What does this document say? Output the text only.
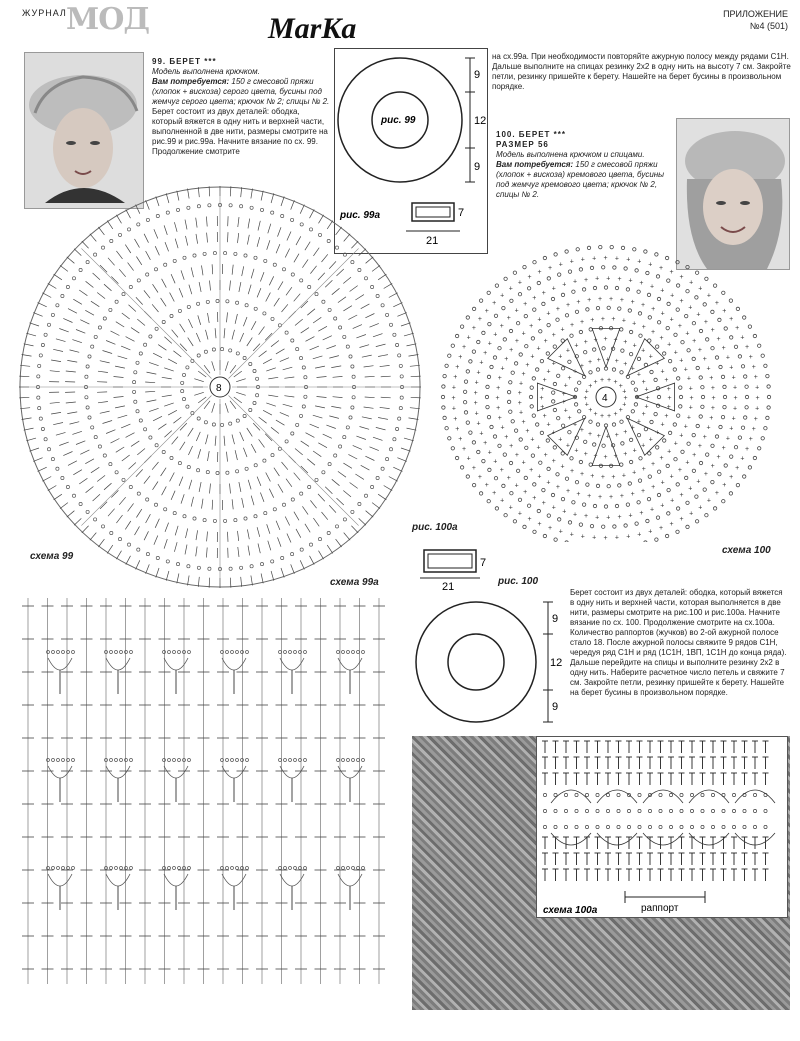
ЖУРНАЛ МОД	MarKa	ПРИЛОЖЕНИЕ
№4 (501)
99. БЕРЕТ ***
Модель выполнена крючком.
Вам потребуется: 150 г смесовой пряжи (хлопок + вискоза) серого цвета, бусины под жемчуг серого цвета; крючок № 2; спицы № 2.
Берет состоит из двух деталей: ободка, который вяжется в одну нить и верхней части, выполненной в две нити, размеры смотрите на рис.99 и рис.99а. Начните вязание по сх. 99. Продолжение смотрите
рис. 99
9
12
9
рис. 99а
21
7
на сх.99а. При необходимости повторяйте ажурную полосу между рядами С1Н. Дальше выполните на спицах резинку 2х2 в одну нить на высоту 7 см. Закройте петли, резинку пришейте к берету. Нашейте на берет бусины в произвольном порядке.
100. БЕРЕТ ***
РАЗМЕР 56
Модель выполнена крючком и спицами.
Вам потребуется: 150 г смесовой пряжи (хлопок + вискоза) кремового цвета, бусины под жемчуг кремового цвета; крючок № 2, спицы № 2.
8
схема 99
схема 99а
+
+
+
+
+
+
+
+
+
+
+
+
+ + + +
+
+
+
+
+
+
+
+
+
+
+
+
+
+
+
+
+
+
+
+
+
+
+ + + + +
+
+
+
+
+
+
+
+
+
+
+
+
+
+
+
+
+
+
+
+
+
+
+
+
+
+
+
+
+
+
+
+ + + + + + +
+
+
+
+
+
+
+
+
+
+
+
+
+
+
+
+
+
+
+
+
+
+
+
+
+
+
+
+
+
+
+
+
+
+
+
+
+
+
+
+
+
+ + + + + + +
+
+
+
+
+
+
+
+
+
+
+
+
+
+
+
+
+
+
+
+
+
+
+
+
+
+
+
+
+
+
+
+
+
+
+
+
+
+
+
+
+
+
+
+
+
+
+
+
+
+
+
+
+ + + + + + + +
+
+
+
+
+
+
+
+
+
+
+
+
+
+
+
+
+
+
+
+
+
+
+
+
+
+
+
+
+
+
+
+
+
+
+
+
+
+
+
+
+
+
+
+
+
+
+
+
+
+
+
+
+
+
+
+
+
+
+
+
+
+
+ + + + + + + + +
+
+
+
+
+
+
+
+
+
+
+
+
+
+
+
+
+
+
+
+
+
+
+
+
+
+
+
+
+
+
+
+
+
+
+
+
+
+
+
+
+
+
+
+
+
+
+
+
+
+
+
+
+
+
+
+
+
+
+
+
+
+
+
+
+
+
+
+
+
+
+
+ + + + + + + + + + +
+
+
+
+
+
+
+
+
+
+
+
+
+
+
+
4
схема 100
рис. 100а
21
7
рис. 100
9
12
9
Берет состоит из двух деталей: ободка, который вяжется в одну нить и верхней части, которая выполняется в две нити, размеры смотрите на рис.100 и рис.100а. Начните вязание по сх. 100. Продолжение смотрите на сх.100а. Количество раппортов (жучков) во 2-ой ажурной полосе стало 18. После ажурной полосы свяжите 9 рядов С1Н, чередуя ряд С1Н и ряд (1С1Н, 1ВП, 1С1Н до конца ряда). Дальше перейдите на спицы и выполните резинку 2х2 в одну нить. Наберите расчетное число петель и свяжите 7 см. Закройте петли, резинку пришейте к берету. Нашейте на берет бусины в произвольном порядке.
раппорт
схема 100а
